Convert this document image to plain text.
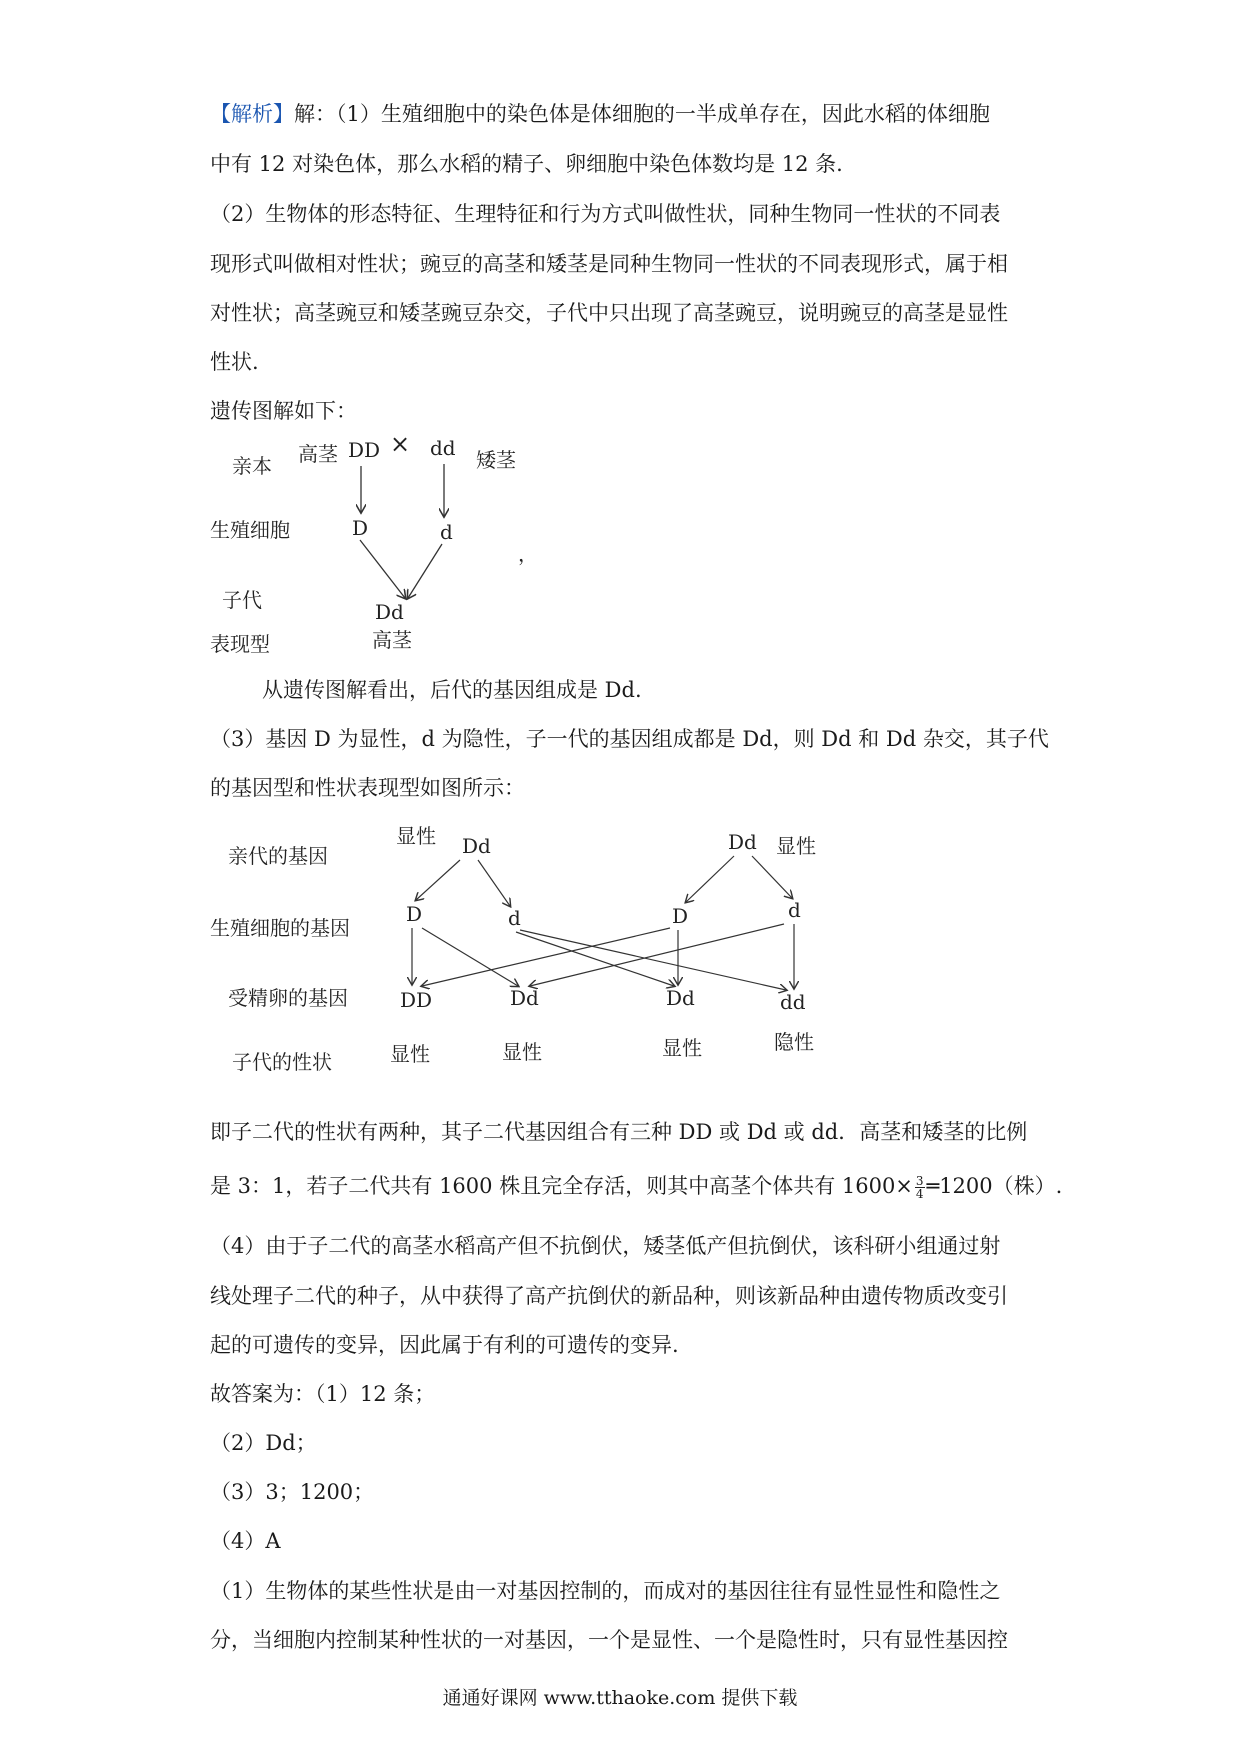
【解析】解：（1）生殖细胞中的染色体是体细胞的一半成单存在，因此水稻的体细胞
中有 12 对染色体，那么水稻的精子、卵细胞中染色体数均是 12 条.
（2）生物体的形态特征、生理特征和行为方式叫做性状，同种生物同一性状的不同表
现形式叫做相对性状；豌豆的高茎和矮茎是同种生物同一性状的不同表现形式，属于相
对性状；高茎豌豆和矮茎豌豆杂交，子代中只出现了高茎豌豆，说明豌豆的高茎是显性
性状.
遗传图解如下：
亲本 高茎 DD × dd 矮茎
生殖细胞	D	d
，
子代	Dd
表现型	高茎
从遗传图解看出，后代的基因组成是 Dd.
（3）基因 D 为显性，d 为隐性，子一代的基因组成都是 Dd，则 Dd 和 Dd 杂交，其子代
的基因型和性状表现型如图所示：
亲代的基因
生殖细胞的基因
受精卵的基因
子代的性状
显性 Dd	Dd 显性
D	d	D	d
DD	Dd	Dd	dd
显性	显性	显性	隐性
即子二代的性状有两种，其子二代基因组合有三种 DD 或 Dd 或 dd．高茎和矮茎的比例
是 3：1，若子二代共有 1600 株且完全存活，则其中高茎个体共有 $1600\times \frac{3}{4}$ ═1200（株）.
（4）由于子二代的高茎水稻高产但不抗倒伏，矮茎低产但抗倒伏，该科研小组通过射
线处理子二代的种子，从中获得了高产抗倒伏的新品种，则该新品种由遗传物质改变引
起的可遗传的变异，因此属于有利的可遗传的变异.
故答案为：（1）12 条；
（2）Dd；
（3）3；1200；
（4）A
（1）生物体的某些性状是由一对基因控制的，而成对的基因往往有显性显性和隐性之
分，当细胞内控制某种性状的一对基因，一个是显性、一个是隐性时，只有显性基因控
通通好课网 www.tthaoke.com 提供下载
